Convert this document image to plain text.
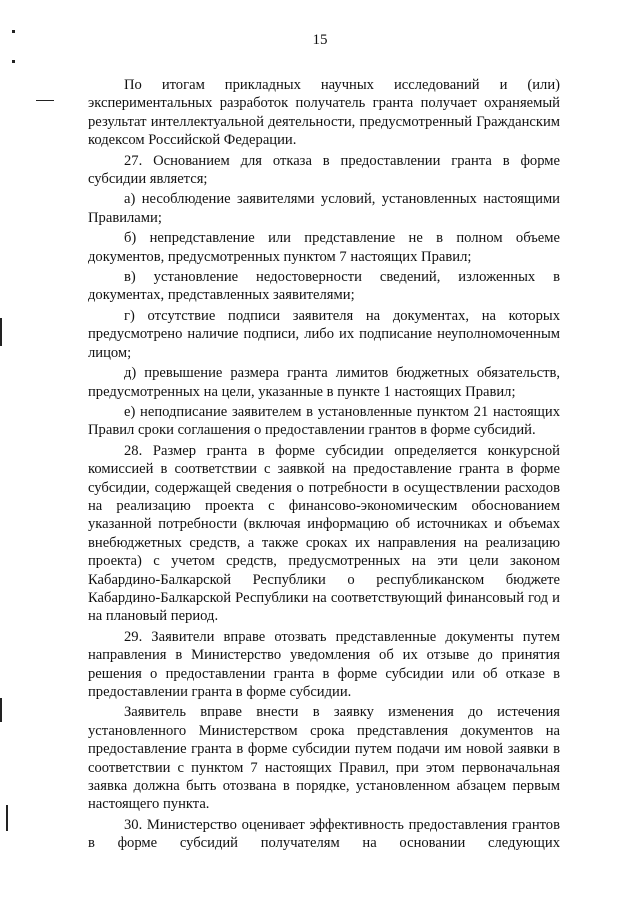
15

По итогам прикладных научных исследований и (или) экспериментальных разработок получатель гранта получает охраняемый результат интеллектуальной деятельности, предусмотренный Гражданским кодексом Российской Федерации.

27. Основанием для отказа в предоставлении гранта в форме субсидии является;

а) несоблюдение заявителями условий, установленных настоящими Правилами;

б) непредставление или представление не в полном объеме документов, предусмотренных пунктом 7 настоящих Правил;

в) установление недостоверности сведений, изложенных в документах, представленных заявителями;

г) отсутствие подписи заявителя на документах, на которых предусмотрено наличие подписи, либо их подписание неуполномоченным лицом;

д) превышение размера гранта лимитов бюджетных обязательств, предусмотренных на цели, указанные в пункте 1 настоящих Правил;

е) неподписание заявителем в установленные пунктом 21 настоящих Правил сроки соглашения о предоставлении грантов в форме субсидий.

28. Размер гранта в форме субсидии определяется конкурсной комиссией в соответствии с заявкой на предоставление гранта в форме субсидии, содержащей сведения о потребности в осуществлении расходов на реализацию проекта с финансово-экономическим обоснованием указанной потребности (включая информацию об источниках и объемах внебюджетных средств, а также сроках их направления на реализацию проекта) с учетом средств, предусмотренных на эти цели законом Кабардино-Балкарской Республики о республиканском бюджете Кабардино-Балкарской Республики на соответствующий финансовый год и на плановый период.

29. Заявители вправе отозвать представленные документы путем направления в Министерство уведомления об их отзыве до принятия решения о предоставлении гранта в форме субсидии или об отказе в предоставлении гранта в форме субсидии.

Заявитель вправе внести в заявку изменения до истечения установленного Министерством срока представления документов на предоставление гранта в форме субсидии путем подачи им новой заявки в соответствии с пунктом 7 настоящих Правил, при этом первоначальная заявка должна быть отозвана в порядке, установленном абзацем первым настоящего пункта.

30. Министерство оценивает эффективность предоставления грантов в форме субсидий получателям на основании следующих
